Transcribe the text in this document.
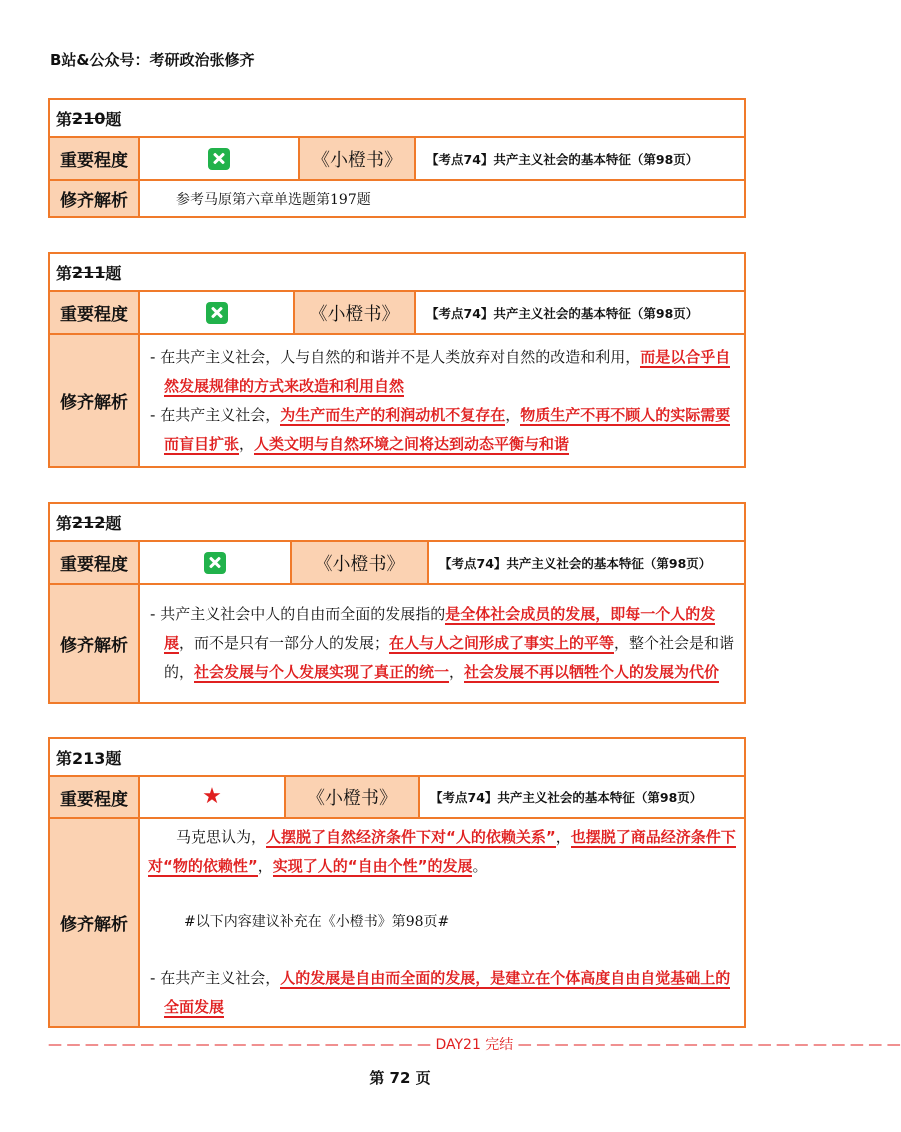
B站&公众号：考研政治张修齐
第 210 题
重要程度	《小橙书》	【考点74】共产主义社会的基本特征（第98页）
修齐解析	参考马原第六章单选题第197题
第 211 题
重要程度	《小橙书》	【考点74】共产主义社会的基本特征（第98页）
修齐解析
- 在共产主义社会，人与自然的和谐并不是人类放弃对自然的改造和利用，而是以合乎自然发展规律的方式来改造和利用自然
- 在共产主义社会，为生产而生产的利润动机不复存在，物质生产不再不顾人的实际需要而盲目扩张，人类文明与自然环境之间将达到动态平衡与和谐
第 212 题
重要程度	《小橙书》	【考点74】共产主义社会的基本特征（第98页）
修齐解析
- 共产主义社会中人的自由而全面的发展指的是全体社会成员的发展，即每一个人的发展，而不是只有一部分人的发展；在人与人之间形成了事实上的平等，整个社会是和谐的，社会发展与个人发展实现了真正的统一，社会发展不再以牺牲个人的发展为代价
第213题
重要程度	★	《小橙书》	【考点74】共产主义社会的基本特征（第98页）
修齐解析
马克思认为，人摆脱了自然经济条件下对“人的依赖关系”，也摆脱了商品经济条件下对“物的依赖性”，实现了人的“自由个性”的发展。
#以下内容建议补充在《小橙书》第98页#
- 在共产主义社会，人的发展是自由而全面的发展，是建立在个体高度自由自觉基础上的全面发展
— — — — — — — — — — — — — — — — — — — — — DAY21 完结 — — — — — — — — — — — — — — — — — — — — —
第 72 页
